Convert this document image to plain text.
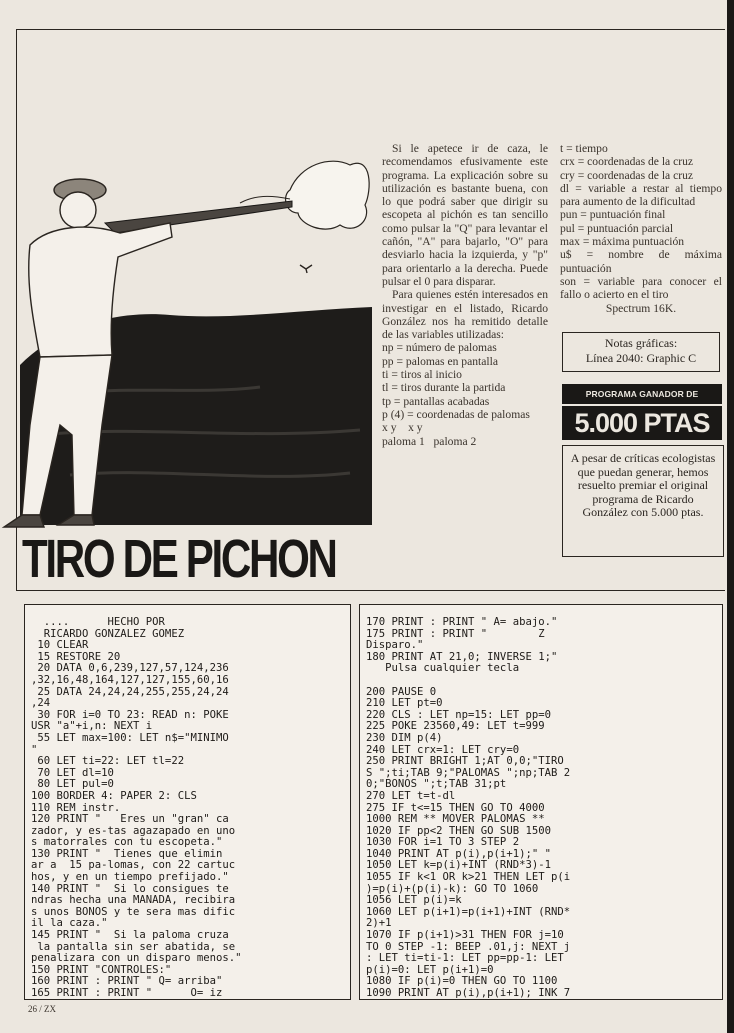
Si le apetece ir de caza, le recomendamos efusivamente este programa. La explicación sobre su utilización es bastante buena, con lo que podrá saber que dirigir su escopeta al pichón es tan sencillo como pulsar la "Q" para levantar el cañón, "A" para bajarlo, "O" para desviarlo hacia la izquierda, y "p" para orientarlo a la derecha. Puede pulsar el 0 para disparar.

Para quienes estén interesados en investigar en el listado, Ricardo González nos ha remitido detalle de las variables utilizadas:

np = número de palomas

pp = palomas en pantalla

ti = tiros al inicio

tl = tiros durante la partida

tp = pantallas acabadas

p (4) = coordenadas de palomas

x y    x y

paloma 1   paloma 2

t = tiempo

crx = coordenadas de la cruz

cry = coordenadas de la cruz

dl = variable a restar al tiempo para aumento de la dificultad

pun = puntuación final

pul = puntuación parcial

max = máxima puntuación

u$ = nombre de máxima puntuación

son = variable para conocer el fallo o acierto en el tiro

Spectrum 16K.

Notas gráficas:
Línea 2040: Graphic C
PROGRAMA GANADOR DE
5.000 PTAS
A pesar de críticas ecologistas que puedan generar, hemos resuelto premiar el original programa de Ricardo González con 5.000 ptas.
TIRO DE PICHON
....      HECHO POR
RICARDO GONZALEZ GOMEZ
10 CLEAR
15 RESTORE 20
20 DATA 0,6,239,127,57,124,236
,32,16,48,164,127,127,155,60,16
25 DATA 24,24,24,255,255,24,24
,24
30 FOR i=0 TO 23: READ n: POKE
USR "a"+i,n: NEXT i
55 LET max=100: LET n$="MINIMO
"
60 LET ti=22: LET tl=22
70 LET dl=10
80 LET pul=0
100 BORDER 4: PAPER 2: CLS
110 REM instr.
120 PRINT "   Eres un "gran" ca
zador, y es-tas agazapado en uno
s matorrales con tu escopeta."
130 PRINT "  Tienes que elimin
ar a  15 pa-lomas, con 22 cartuc
hos, y en un tiempo prefijado."
140 PRINT "  Si lo consigues te
ndras hecha una MANADA, recibira
s unos BONOS y te sera mas dific
il la caza."
145 PRINT "  Si la paloma cruza
la pantalla sin ser abatida, se
penalizara con un disparo menos."
150 PRINT "CONTROLES:"
160 PRINT : PRINT " Q= arriba"
165 PRINT : PRINT "      O= iz
170 PRINT : PRINT " A= abajo."
175 PRINT : PRINT "        Z
Disparo."
180 PRINT AT 21,0; INVERSE 1;"
Pulsa cualquier tecla
200 PAUSE 0
210 LET pt=0
220 CLS : LET np=15: LET pp=0
225 POKE 23560,49: LET t=999
230 DIM p(4)
240 LET crx=1: LET cry=0
250 PRINT BRIGHT 1;AT 0,0;"TIRO
S ";ti;TAB 9;"PALOMAS ";np;TAB 2
0;"BONOS ";t;TAB 31;pt
270 LET t=t-dl
275 IF t<=15 THEN GO TO 4000
1000 REM ** MOVER PALOMAS **
1020 IF pp<2 THEN GO SUB 1500
1030 FOR i=1 TO 3 STEP 2
1040 PRINT AT p(i),p(i+1);" "
1050 LET k=p(i)+INT (RND*3)-1
1055 IF k<1 OR k>21 THEN LET p(i
)=p(i)+(p(i)-k): GO TO 1060
1056 LET p(i)=k
1060 LET p(i+1)=p(i+1)+INT (RND*
2)+1
1070 IF p(i+1)>31 THEN FOR j=10
TO 0 STEP -1: BEEP .01,j: NEXT j
: LET ti=ti-1: LET pp=pp-1: LET
p(i)=0: LET p(i+1)=0
1080 IF p(i)=0 THEN GO TO 1100
1090 PRINT AT p(i),p(i+1); INK 7
26 / ZX
